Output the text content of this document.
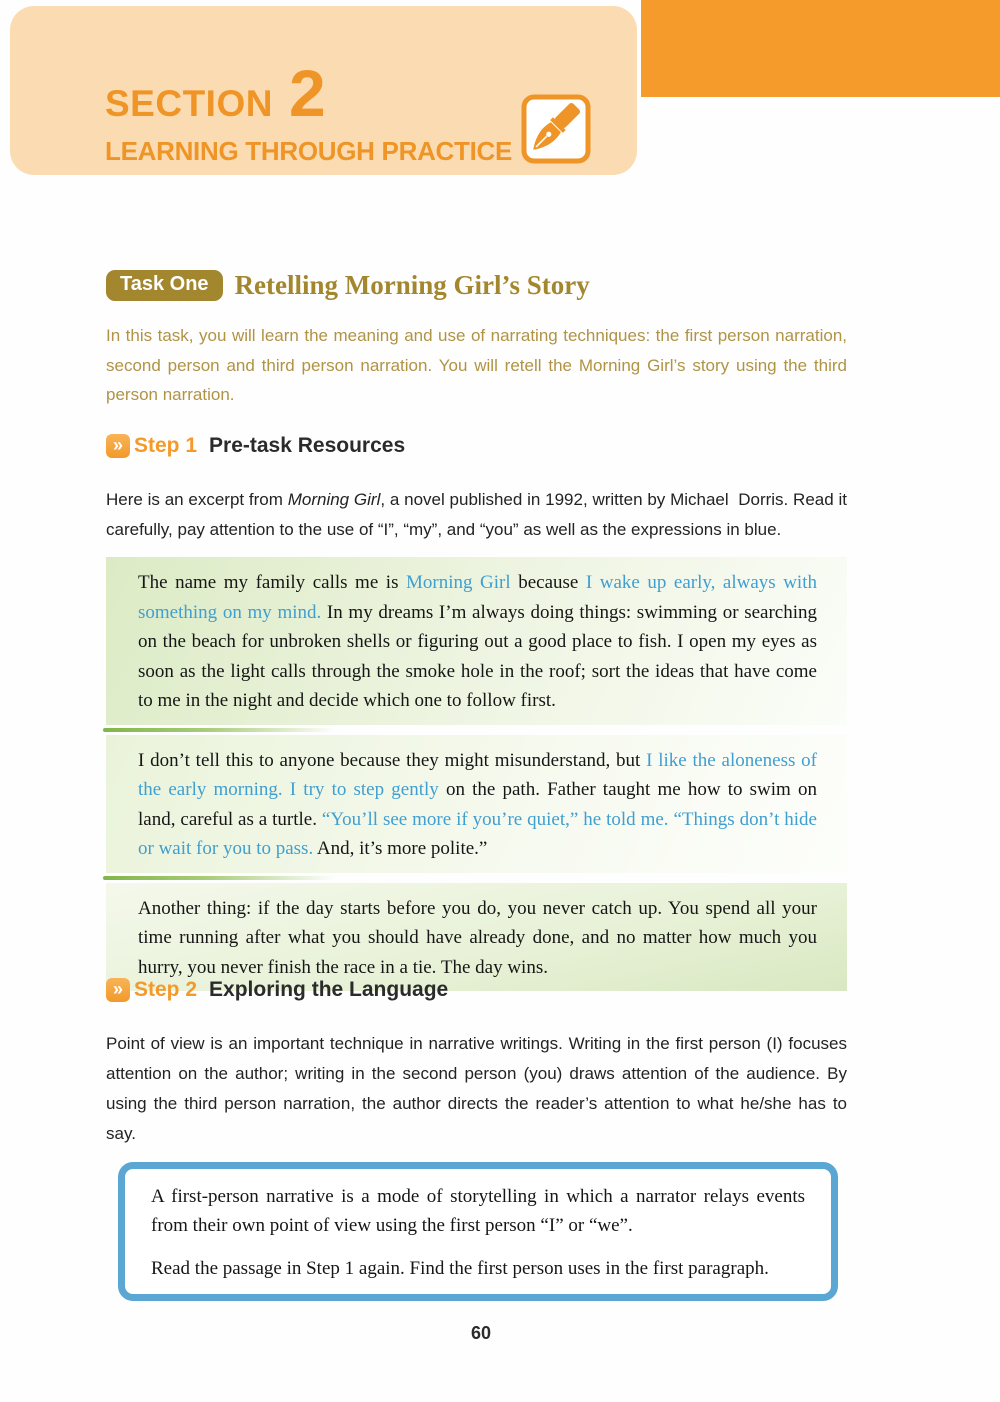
SECTION 2
LEARNING THROUGH PRACTICE
Task One Retelling Morning Girl’s Story
In this task, you will learn the meaning and use of narrating techniques: the first person narration, second person and third person narration. You will retell the Morning Girl’s story using the third person narration.
» Step 1 Pre-task Resources
Here is an excerpt from Morning Girl, a novel published in 1992, written by Michael  Dorris. Read it carefully, pay attention to the use of “I”, “my”, and “you” as well as the expressions in blue.

The name my family calls me is Morning Girl because I wake up early, always with something on my mind. In my dreams I’m always doing things: swimming or searching on the beach for unbroken shells or figuring out a good place to fish. I open my eyes as soon as the light calls through the smoke hole in the roof; sort the ideas that have come to me in the night and decide which one to follow first.

I don’t tell this to anyone because they might misunderstand, but I like the aloneness of the early morning. I try to step gently on the path. Father taught me how to swim on land, careful as a turtle. “You’ll see more if you’re quiet,” he told me. “Things don’t hide or wait for you to pass. And, it’s more polite.”

Another thing: if the day starts before you do, you never catch up. You spend all your time running after what you should have already done, and no matter how much you hurry, you never finish the race in a tie. The day wins.

» Step 2 Exploring the Language
Point of view is an important technique in narrative writings. Writing in the first person (I) focuses attention on the author; writing in the second person (you) draws attention of the audience. By using the third person narration, the author directs the reader’s attention to what he/she has to say.

A first-person narrative is a mode of storytelling in which a narrator relays events from their own point of view using the first person “I” or “we”.

Read the passage in Step 1 again. Find the first person uses in the first paragraph.

60
